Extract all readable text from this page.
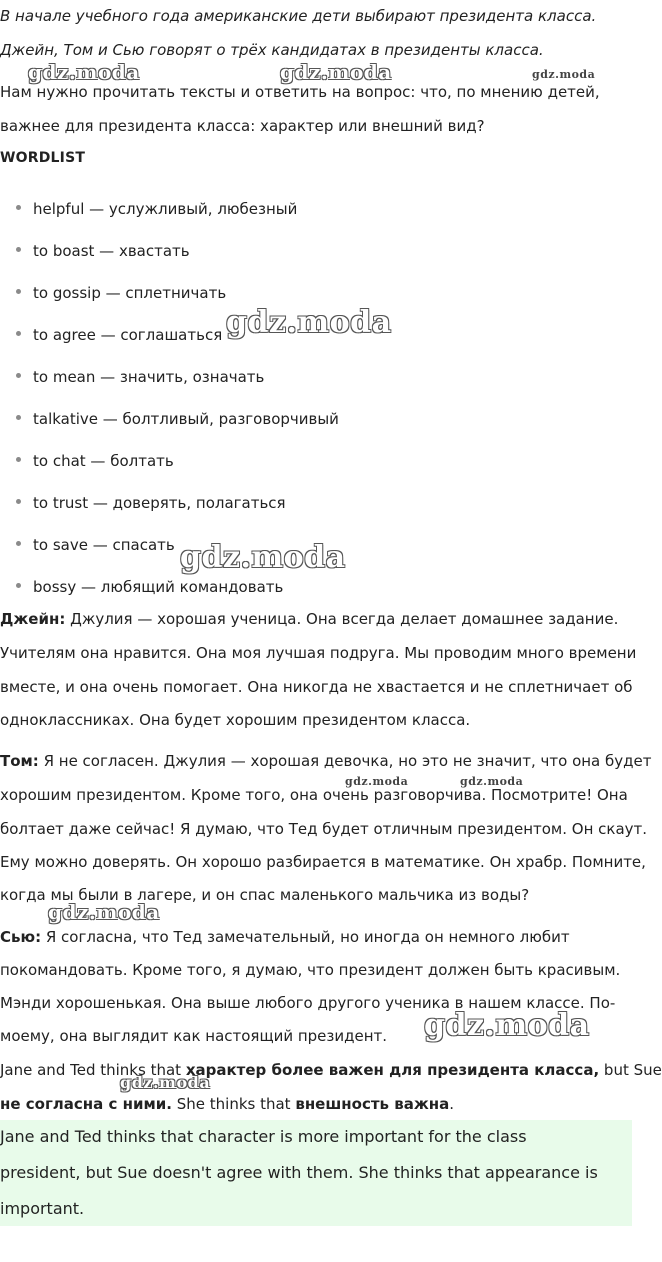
В начале учебного года американские дети выбирают президента класса.
Джейн, Том и Сью говорят о трёх кандидатах в президенты класса.
Нам нужно прочитать тексты и ответить на вопрос: что, по мнению детей,
важнее для президента класса: характер или внешний вид?
WORDLIST
helpful — услужливый, любезный
to boast — хвастать
to gossip — сплетничать
to agree — соглашаться
to mean — значить, означать
talkative — болтливый, разговорчивый
to chat — болтать
to trust — доверять, полагаться
to save — спасать
bossy — любящий командовать
Джейн: Джулия — хорошая ученица. Она всегда делает домашнее задание.
Учителям она нравится. Она моя лучшая подруга. Мы проводим много времени
вместе, и она очень помогает. Она никогда не хвастается и не сплетничает об
одноклассниках. Она будет хорошим президентом класса.
Том: Я не согласен. Джулия — хорошая девочка, но это не значит, что она будет
хорошим президентом. Кроме того, она очень разговорчива. Посмотрите! Она
болтает даже сейчас! Я думаю, что Тед будет отличным президентом. Он скаут.
Ему можно доверять. Он хорошо разбирается в математике. Он храбр. Помните,
когда мы были в лагере, и он спас маленького мальчика из воды?
Сью: Я согласна, что Тед замечательный, но иногда он немного любит
покомандовать. Кроме того, я думаю, что президент должен быть красивым.
Мэнди хорошенькая. Она выше любого другого ученика в нашем классе. По-
моему, она выглядит как настоящий президент.
Jane and Ted thinks that характер более важен для президента класса, but Sue
не согласна с ними. She thinks that внешность важна.
Jane and Ted thinks that character is more important for the class
president, but Sue doesn't agree with them. She thinks that appearance is
important.
gdz.moda	gdz.moda	gdz.moda
gdz.moda
gdz.moda
gdz.moda	gdz.moda
gdz.moda
gdz.moda
gdz.moda
